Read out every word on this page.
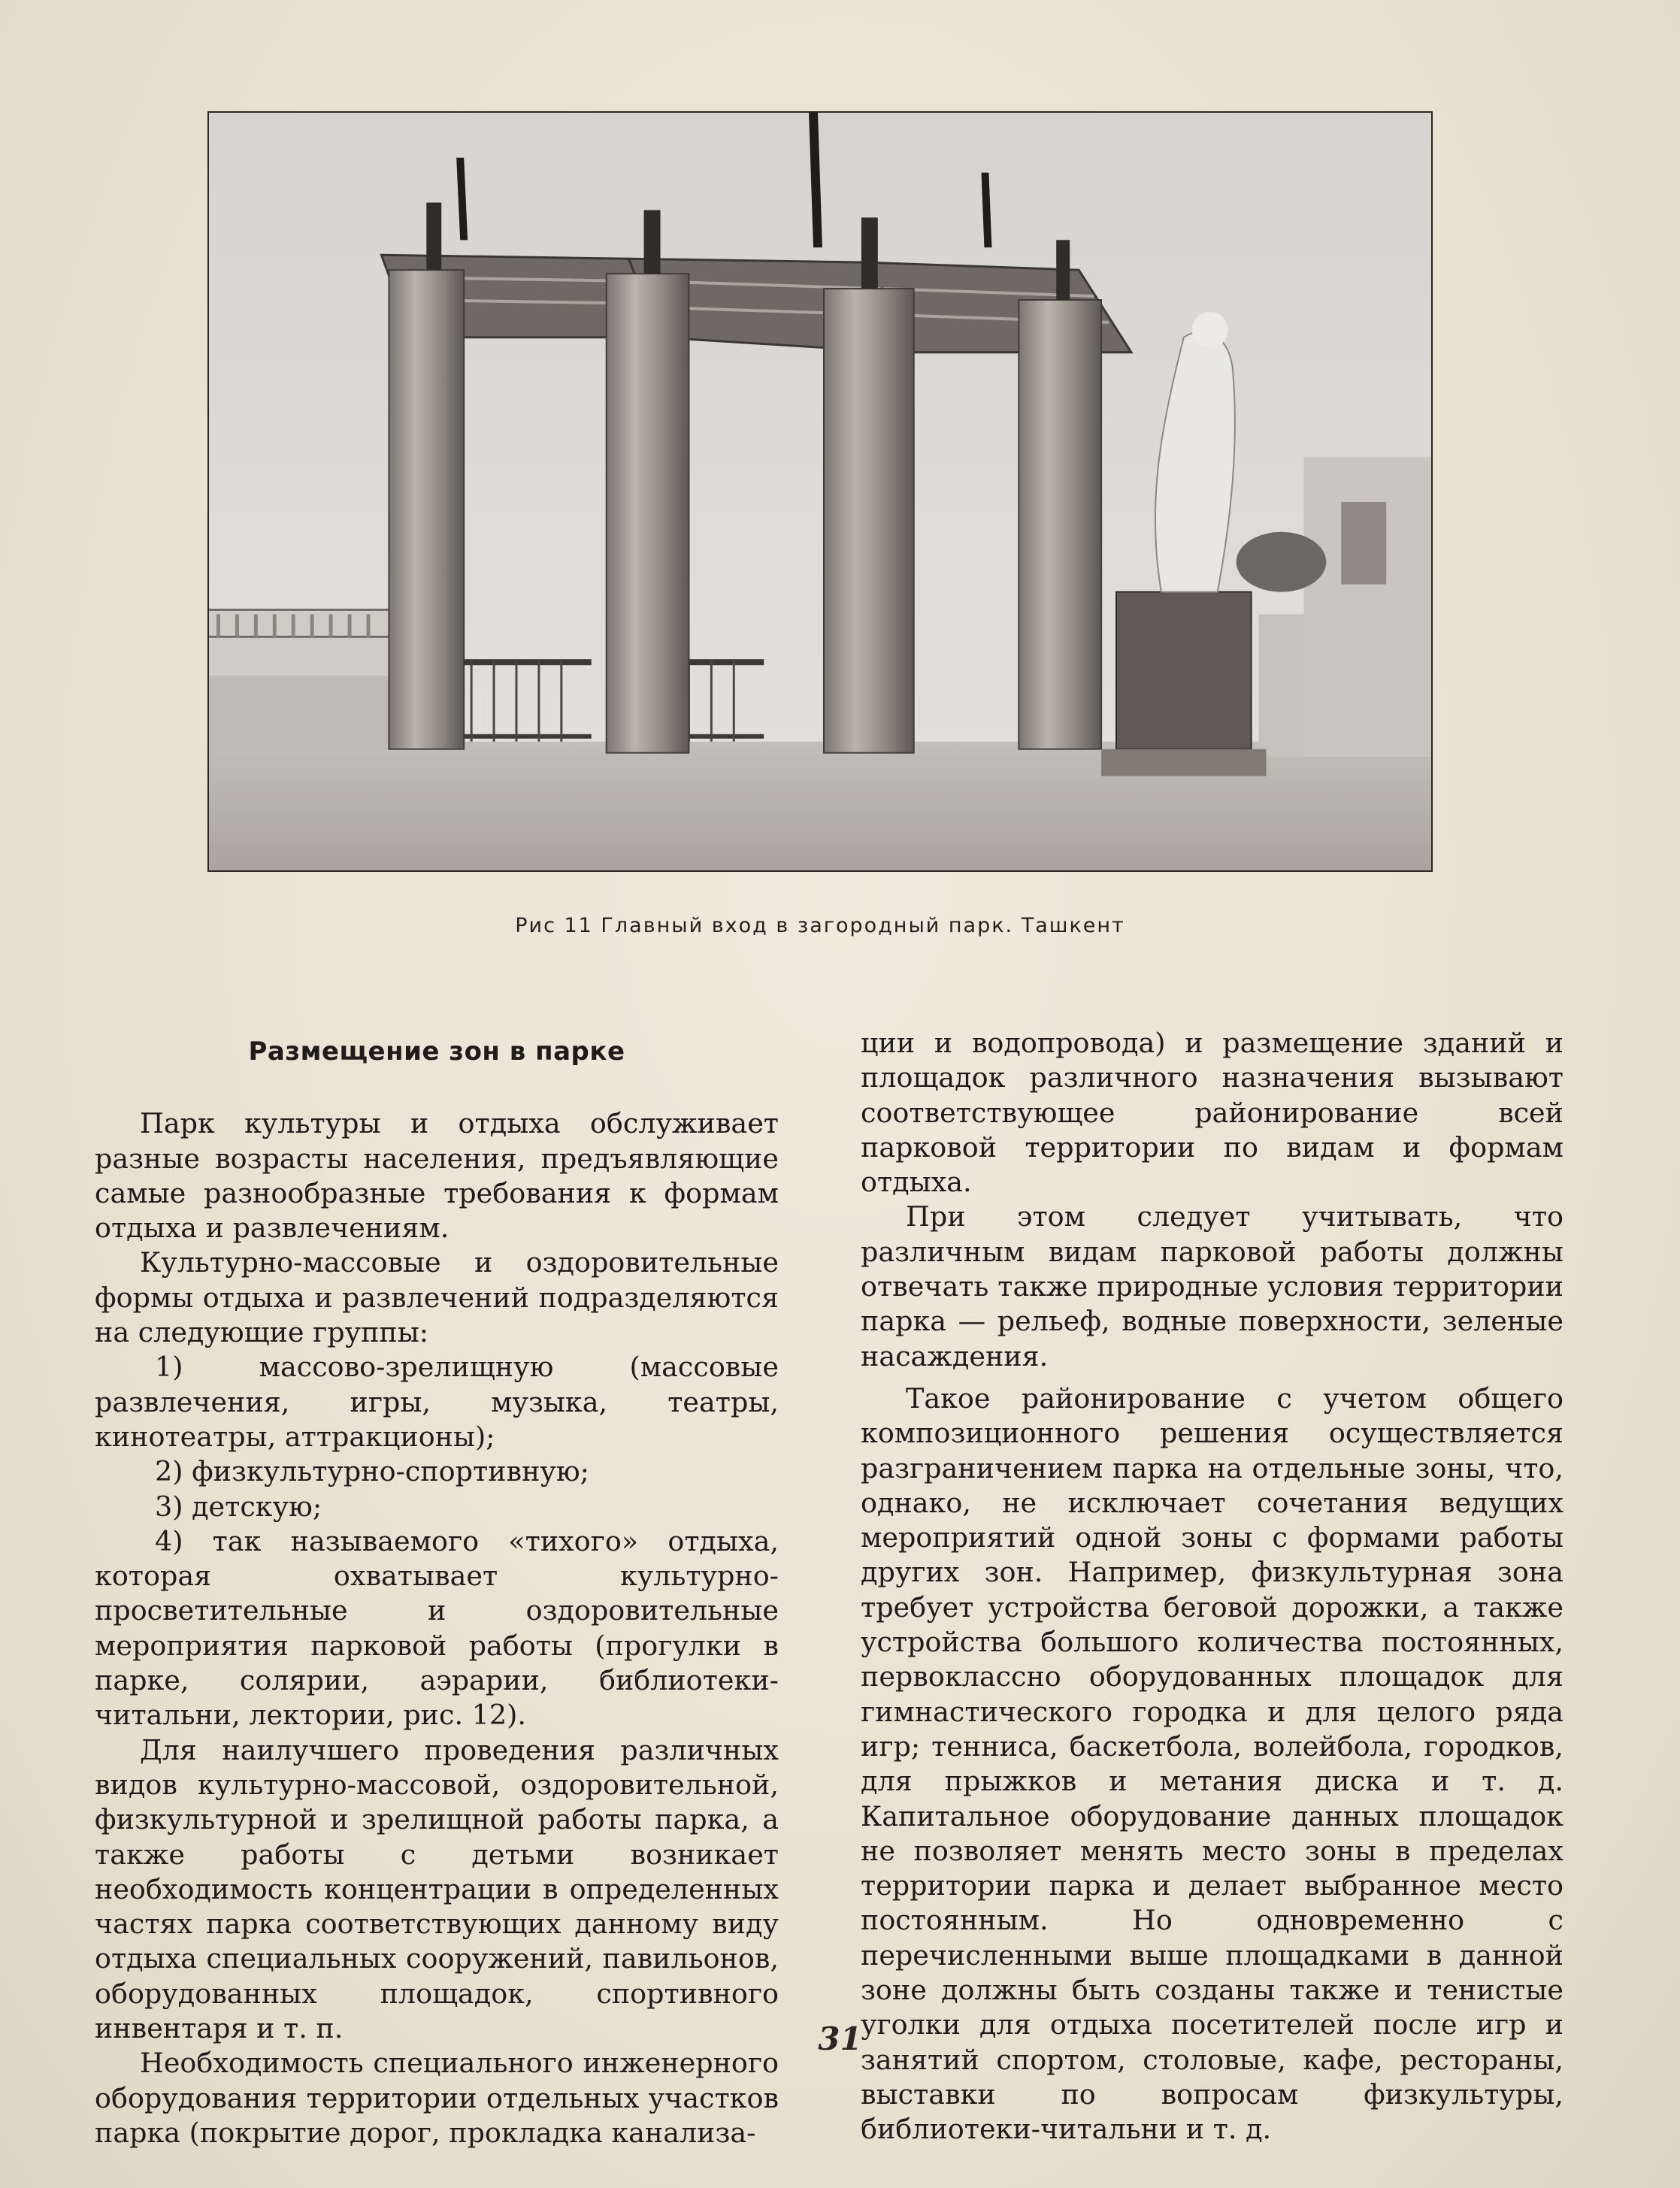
Рис 11 Главный вход в загородный парк. Ташкент
Размещение зон в парке

Парк культуры и отдыха обслуживает разные возрасты населения, предъявляющие самые разнообразные требования к формам отдыха и развлечениям.

Культурно-массовые и оздоровительные формы отдыха и развлечений подразделяются на следующие группы:

1) массово-зрелищную (массовые развлечения, игры, музыка, театры, кинотеатры, аттракционы);

2) физкультурно-спортивную;

3) детскую;

4) так называемого «тихого» отдыха, которая охватывает культурно-просветительные и оздоровительные мероприятия парковой работы (прогулки в парке, солярии, аэрарии, библиотеки-читальни, лектории, рис. 12).

Для наилучшего проведения различных видов культурно-массовой, оздоровительной, физкультурной и зрелищной работы парка, а также работы с детьми возникает необходимость концентрации в определенных частях парка соответствующих данному виду отдыха специальных сооружений, павильонов, оборудованных площадок, спортивного инвентаря и т. п.

Необходимость специального инженерного оборудования территории отдельных участков парка (покрытие дорог, прокладка канализа-

ции и водопровода) и размещение зданий и площадок различного назначения вызывают соответствующее районирование всей парковой территории по видам и формам отдыха.

При этом следует учитывать, что различным видам парковой работы должны отвечать также природные условия территории парка — рельеф, водные поверхности, зеленые насаждения.

Такое районирование с учетом общего композиционного решения осуществляется разграничением парка на отдельные зоны, что, однако, не исключает сочетания ведущих мероприятий одной зоны с формами работы других зон. Например, физкультурная зона требует устройства беговой дорожки, а также устройства большого количества постоянных, первоклассно оборудованных площадок для гимнастического городка и для целого ряда игр; тенниса, баскетбола, волейбола, городков, для прыжков и метания диска и т. д. Капитальное оборудование данных площадок не позволяет менять место зоны в пределах территории парка и делает выбранное место постоянным. Но одновременно с перечисленными выше площадками в данной зоне должны быть созданы также и тенистые уголки для отдыха посетителей после игр и занятий спортом, столовые, кафе, рестораны, выставки по вопросам физкультуры, библиотеки-читальни и т. д.

31
